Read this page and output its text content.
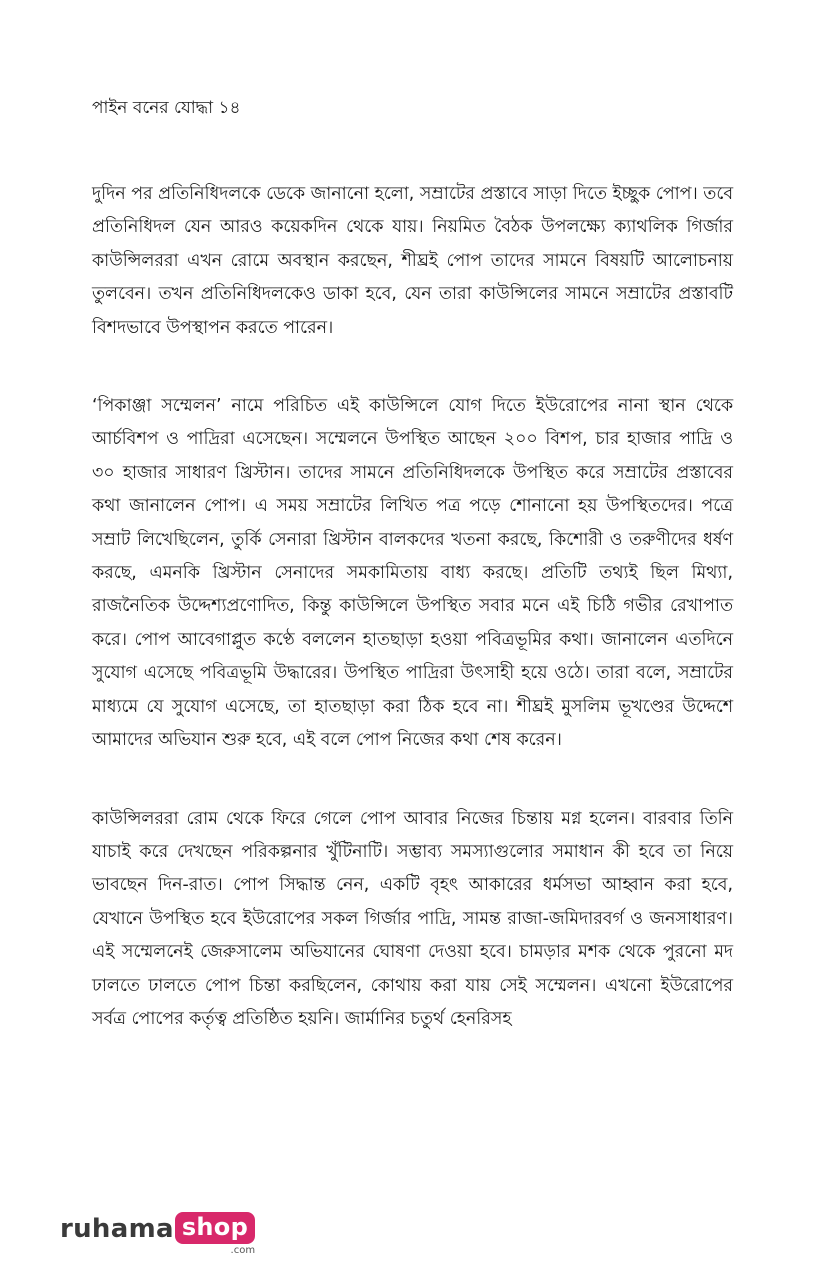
পাইন বনের যোদ্ধা ১৪

দুদিন পর প্রতিনিধিদলকে ডেকে জানানো হলো, সম্রাটের প্রস্তাবে সাড়া দিতে ইচ্ছুক পোপ। তবে প্রতিনিধিদল যেন আরও কয়েকদিন থেকে যায়। নিয়মিত বৈঠক উপলক্ষ্যে ক্যাথলিক গির্জার কাউন্সিলররা এখন রোমে অবস্থান করছেন, শীঘ্রই পোপ তাদের সামনে বিষয়টি আলোচনায় তুলবেন। তখন প্রতিনিধিদলকেও ডাকা হবে, যেন তারা কাউন্সিলের সামনে সম্রাটের প্রস্তাবটি বিশদভাবে উপস্থাপন করতে পারেন।

‘পিকাঞ্জা সম্মেলন’ নামে পরিচিত এই কাউন্সিলে যোগ দিতে ইউরোপের নানা স্থান থেকে আর্চবিশপ ও পাদ্রিরা এসেছেন। সম্মেলনে উপস্থিত আছেন ২০০ বিশপ, চার হাজার পাদ্রি ও ৩০ হাজার সাধারণ খ্রিস্টান। তাদের সামনে প্রতিনিধিদলকে উপস্থিত করে সম্রাটের প্রস্তাবের কথা জানালেন পোপ। এ সময় সম্রাটের লিখিত পত্র পড়ে শোনানো হয় উপস্থিতদের। পত্রে সম্রাট লিখেছিলেন, তুর্কি সেনারা খ্রিস্টান বালকদের খতনা করছে, কিশোরী ও তরুণীদের ধর্ষণ করছে, এমনকি খ্রিস্টান সেনাদের সমকামিতায় বাধ্য করছে। প্রতিটি তথ্যই ছিল মিথ্যা, রাজনৈতিক উদ্দেশ্যপ্রণোদিত, কিন্তু কাউন্সিলে উপস্থিত সবার মনে এই চিঠি গভীর রেখাপাত করে। পোপ আবেগাপ্লুত কণ্ঠে বললেন হাতছাড়া হওয়া পবিত্রভূমির কথা। জানালেন এতদিনে সুযোগ এসেছে পবিত্রভূমি উদ্ধারের। উপস্থিত পাদ্রিরা উৎসাহী হয়ে ওঠে। তারা বলে, সম্রাটের মাধ্যমে যে সুযোগ এসেছে, তা হাতছাড়া করা ঠিক হবে না। শীঘ্রই মুসলিম ভূখণ্ডের উদ্দেশে আমাদের অভিযান শুরু হবে, এই বলে পোপ নিজের কথা শেষ করেন।

কাউন্সিলররা রোম থেকে ফিরে গেলে পোপ আবার নিজের চিন্তায় মগ্ন হলেন। বারবার তিনি যাচাই করে দেখছেন পরিকল্পনার খুঁটিনাটি। সম্ভাব্য সমস্যাগুলোর সমাধান কী হবে তা নিয়ে ভাবছেন দিন-রাত। পোপ সিদ্ধান্ত নেন, একটি বৃহৎ আকারের ধর্মসভা আহ্বান করা হবে, যেখানে উপস্থিত হবে ইউরোপের সকল গির্জার পাদ্রি, সামন্ত রাজা-জমিদারবর্গ ও জনসাধারণ। এই সম্মেলনেই জেরুসালেম অভিযানের ঘোষণা দেওয়া হবে। চামড়ার মশক থেকে পুরনো মদ ঢালতে ঢালতে পোপ চিন্তা করছিলেন, কোথায় করা যায় সেই সম্মেলন। এখনো ইউরোপের সর্বত্র পোপের কর্তৃত্ব প্রতিষ্ঠিত হয়নি। জার্মানির চতুর্থ হেনরিসহ

ruhama shop
.com
